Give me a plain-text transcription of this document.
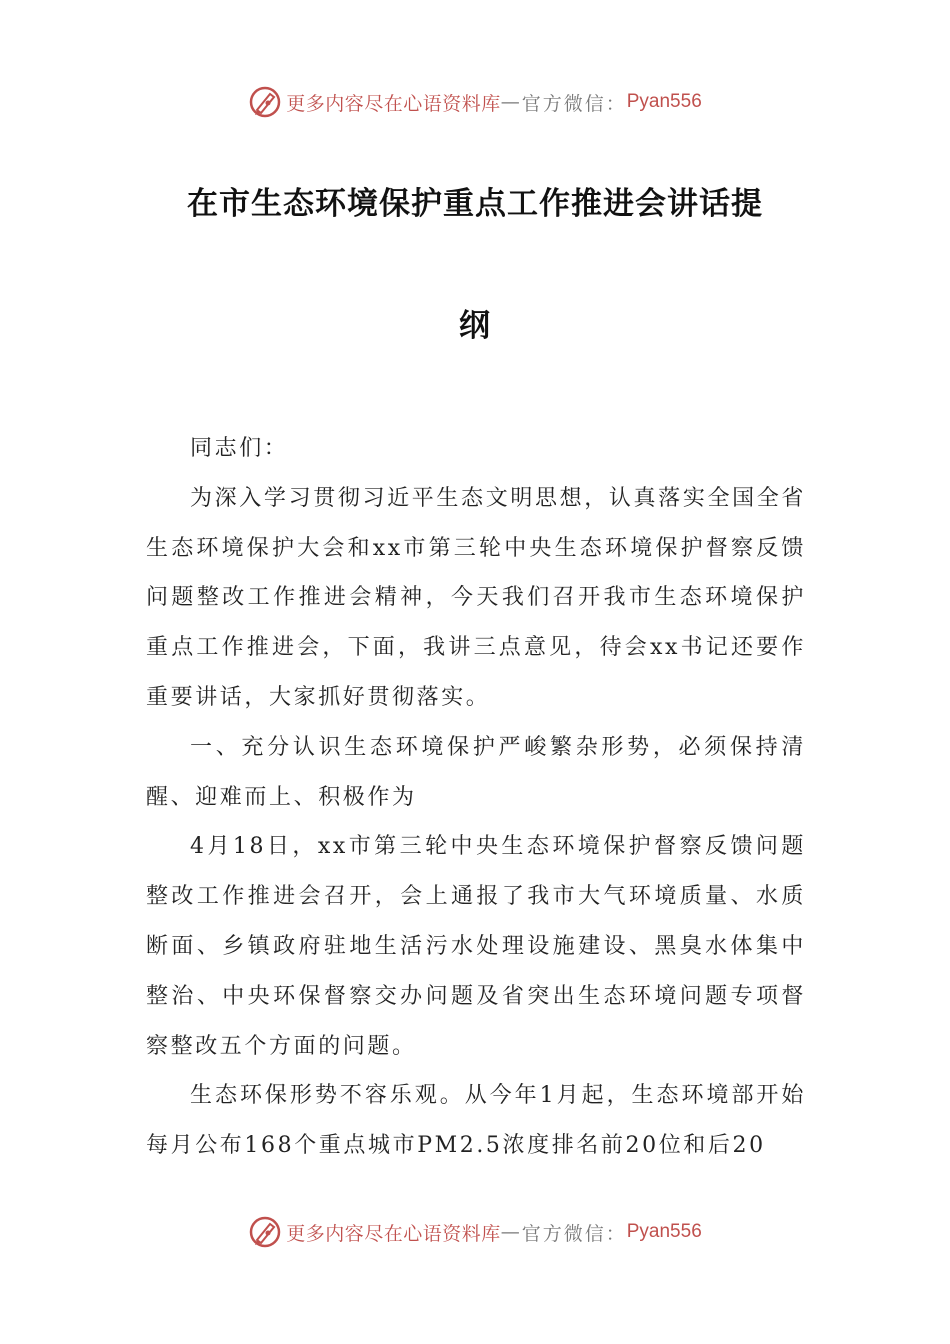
更多内容尽在心语资料库 — 官方微信： Pyan556
在市生态环境保护重点工作推进会讲话提
纲

同志们：

为深入学习贯彻习近平生态文明思想，认真落实全国全省生态环境保护大会和xx市第三轮中央生态环境保护督察反馈问题整改工作推进会精神，今天我们召开我市生态环境保护重点工作推进会，下面，我讲三点意见，待会xx书记还要作重要讲话，大家抓好贯彻落实。

一、充分认识生态环境保护严峻繁杂形势，必须保持清醒、迎难而上、积极作为

4月18日，xx市第三轮中央生态环境保护督察反馈问题整改工作推进会召开，会上通报了我市大气环境质量、水质断面、乡镇政府驻地生活污水处理设施建设、黑臭水体集中整治、中央环保督察交办问题及省突出生态环境问题专项督察整改五个方面的问题。

生态环保形势不容乐观。从今年1月起，生态环境部开始每月公布168个重点城市PM2.5浓度排名前20位和后20

更多内容尽在心语资料库 — 官方微信： Pyan556
